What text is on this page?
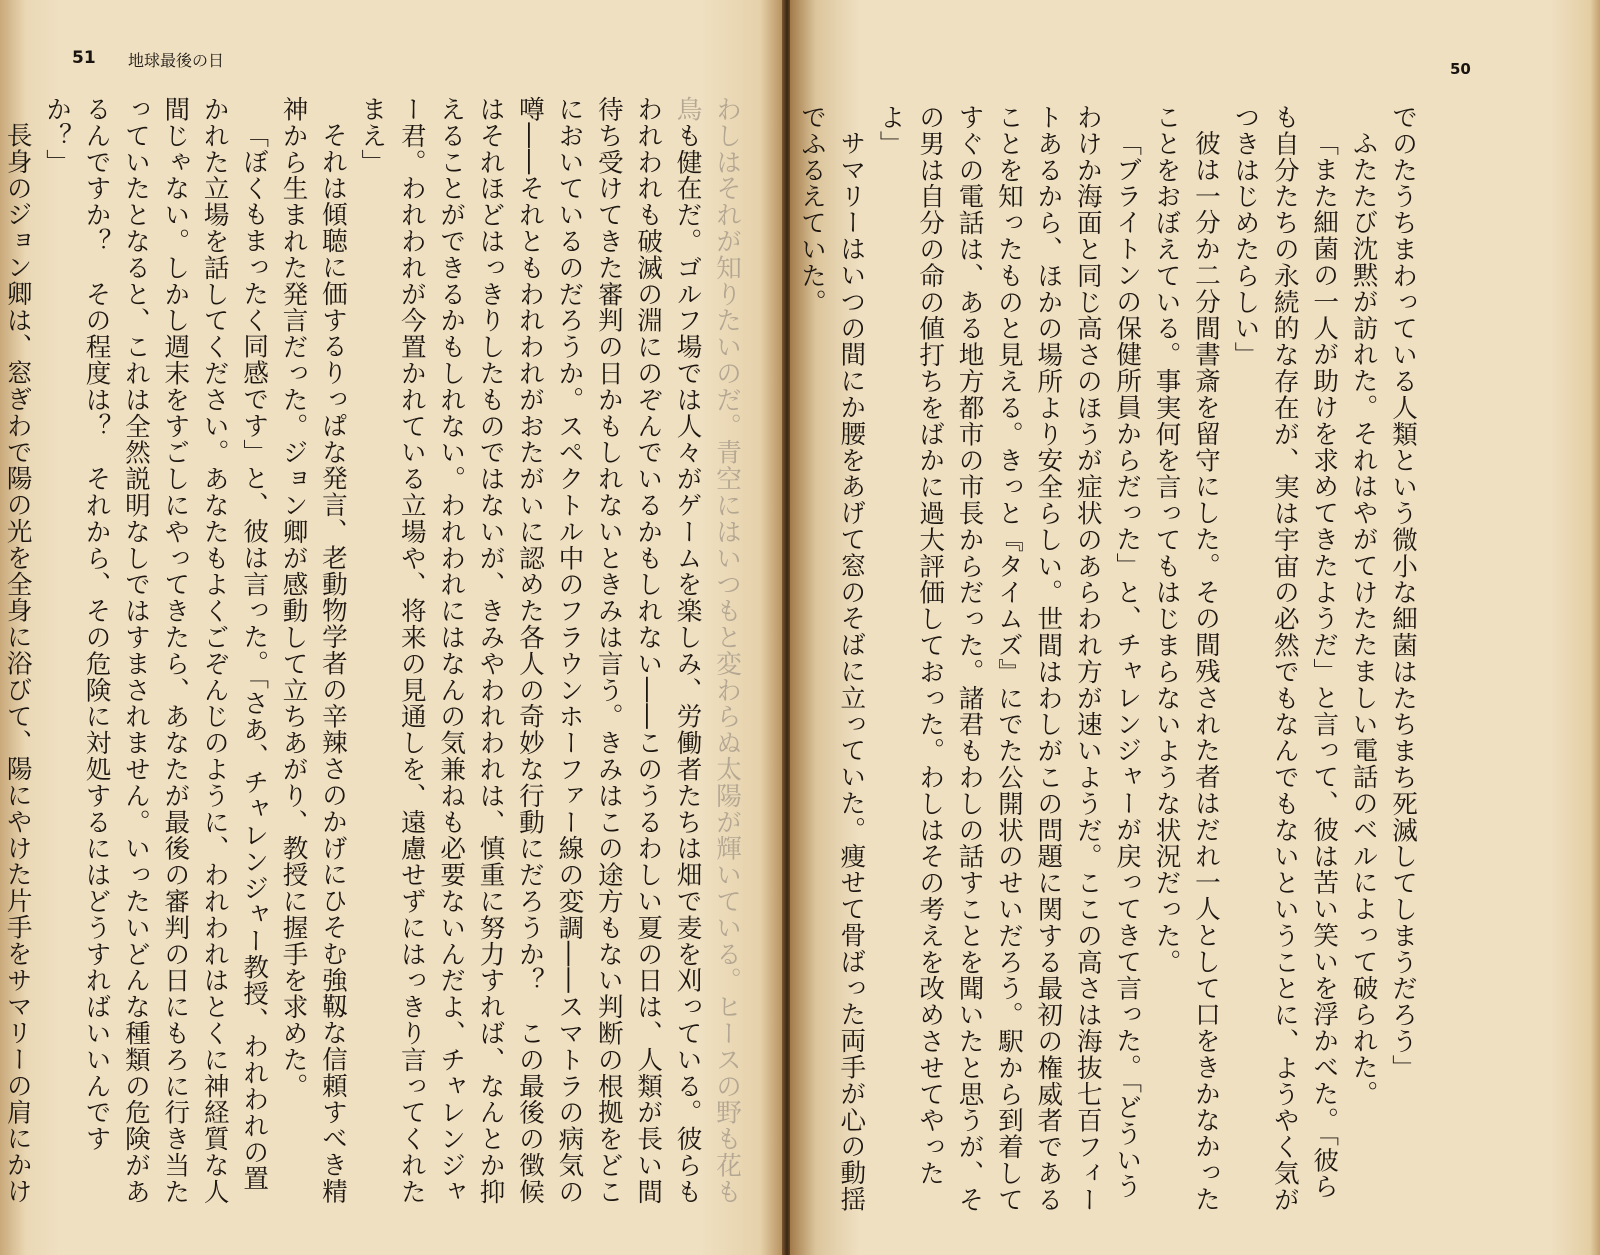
51 地球最後の日

わしはそれが知りたいのだ。青空にはいつもと変わらぬ太陽が輝いている。ヒースの野も花も鳥も健在だ。ゴルフ場では人々がゲームを楽しみ、労働者たちは畑で麦を刈っている。彼らもわれわれも破滅の淵にのぞんでいるかもしれない――このうるわしい夏の日は、人類が長い間待ち受けてきた審判の日かもしれないときみは言う。きみはこの途方もない判断の根拠をどこにおいているのだろうか。スペクトル中のフラウンホーファー線の変調――スマトラの病気の噂――それともわれわれがおたがいに認めた各人の奇妙な行動にだろうか？　この最後の徴候はそれほどはっきりしたものではないが、きみやわれわれは、慎重に努力すれば、なんとか抑えることができるかもしれない。われわれにはなんの気兼ねも必要ないんだよ、チャレンジャー君。われわれが今置かれている立場や、将来の見通しを、遠慮せずにはっきり言ってくれたまえ」

それは傾聴に価するりっぱな発言、老動物学者の辛辣さのかげにひそむ強靱な信頼すべき精神から生まれた発言だった。ジョン卿が感動して立ちあがり、教授に握手を求めた。

「ぼくもまったく同感です」と、彼は言った。「さあ、チャレンジャー教授、われわれの置かれた立場を話してください。あなたもよくごぞんじのように、われわれはとくに神経質な人間じゃない。しかし週末をすごしにやってきたら、あなたが最後の審判の日にもろに行き当たっていたとなると、これは全然説明なしではすまされません。いったいどんな種類の危険があるんですか？　その程度は？　それから、その危険に対処するにはどうすればいいんですか？」

長身のジョン卿は、窓ぎわで陽の光を全身に浴びて、陽にやけた片手をサマリーの肩にかけ

50

でのたうちまわっている人類という微小な細菌はたちまち死滅してしまうだろう」

ふたたび沈黙が訪れた。それはやがてけたたましい電話のベルによって破られた。

「また細菌の一人が助けを求めてきたようだ」と言って、彼は苦い笑いを浮かべた。「彼らも自分たちの永続的な存在が、実は宇宙の必然でもなんでもないということに、ようやく気がつきはじめたらしい」

彼は一分か二分間書斎を留守にした。その間残された者はだれ一人として口をきかなかったことをおぼえている。事実何を言ってもはじまらないような状況だった。

「ブライトンの保健所員からだった」と、チャレンジャーが戻ってきて言った。「どういうわけか海面と同じ高さのほうが症状のあらわれ方が速いようだ。ここの高さは海抜七百フィートあるから、ほかの場所より安全らしい。世間はわしがこの問題に関する最初の権威者であることを知ったものと見える。きっと『タイムズ』にでた公開状のせいだろう。駅から到着してすぐの電話は、ある地方都市の市長からだった。諸君もわしの話すことを聞いたと思うが、その男は自分の命の値打ちをばかに過大評価しておった。わしはその考えを改めさせてやったよ」

サマリーはいつの間にか腰をあげて窓のそばに立っていた。痩せて骨ばった両手が心の動揺でふるえていた。
